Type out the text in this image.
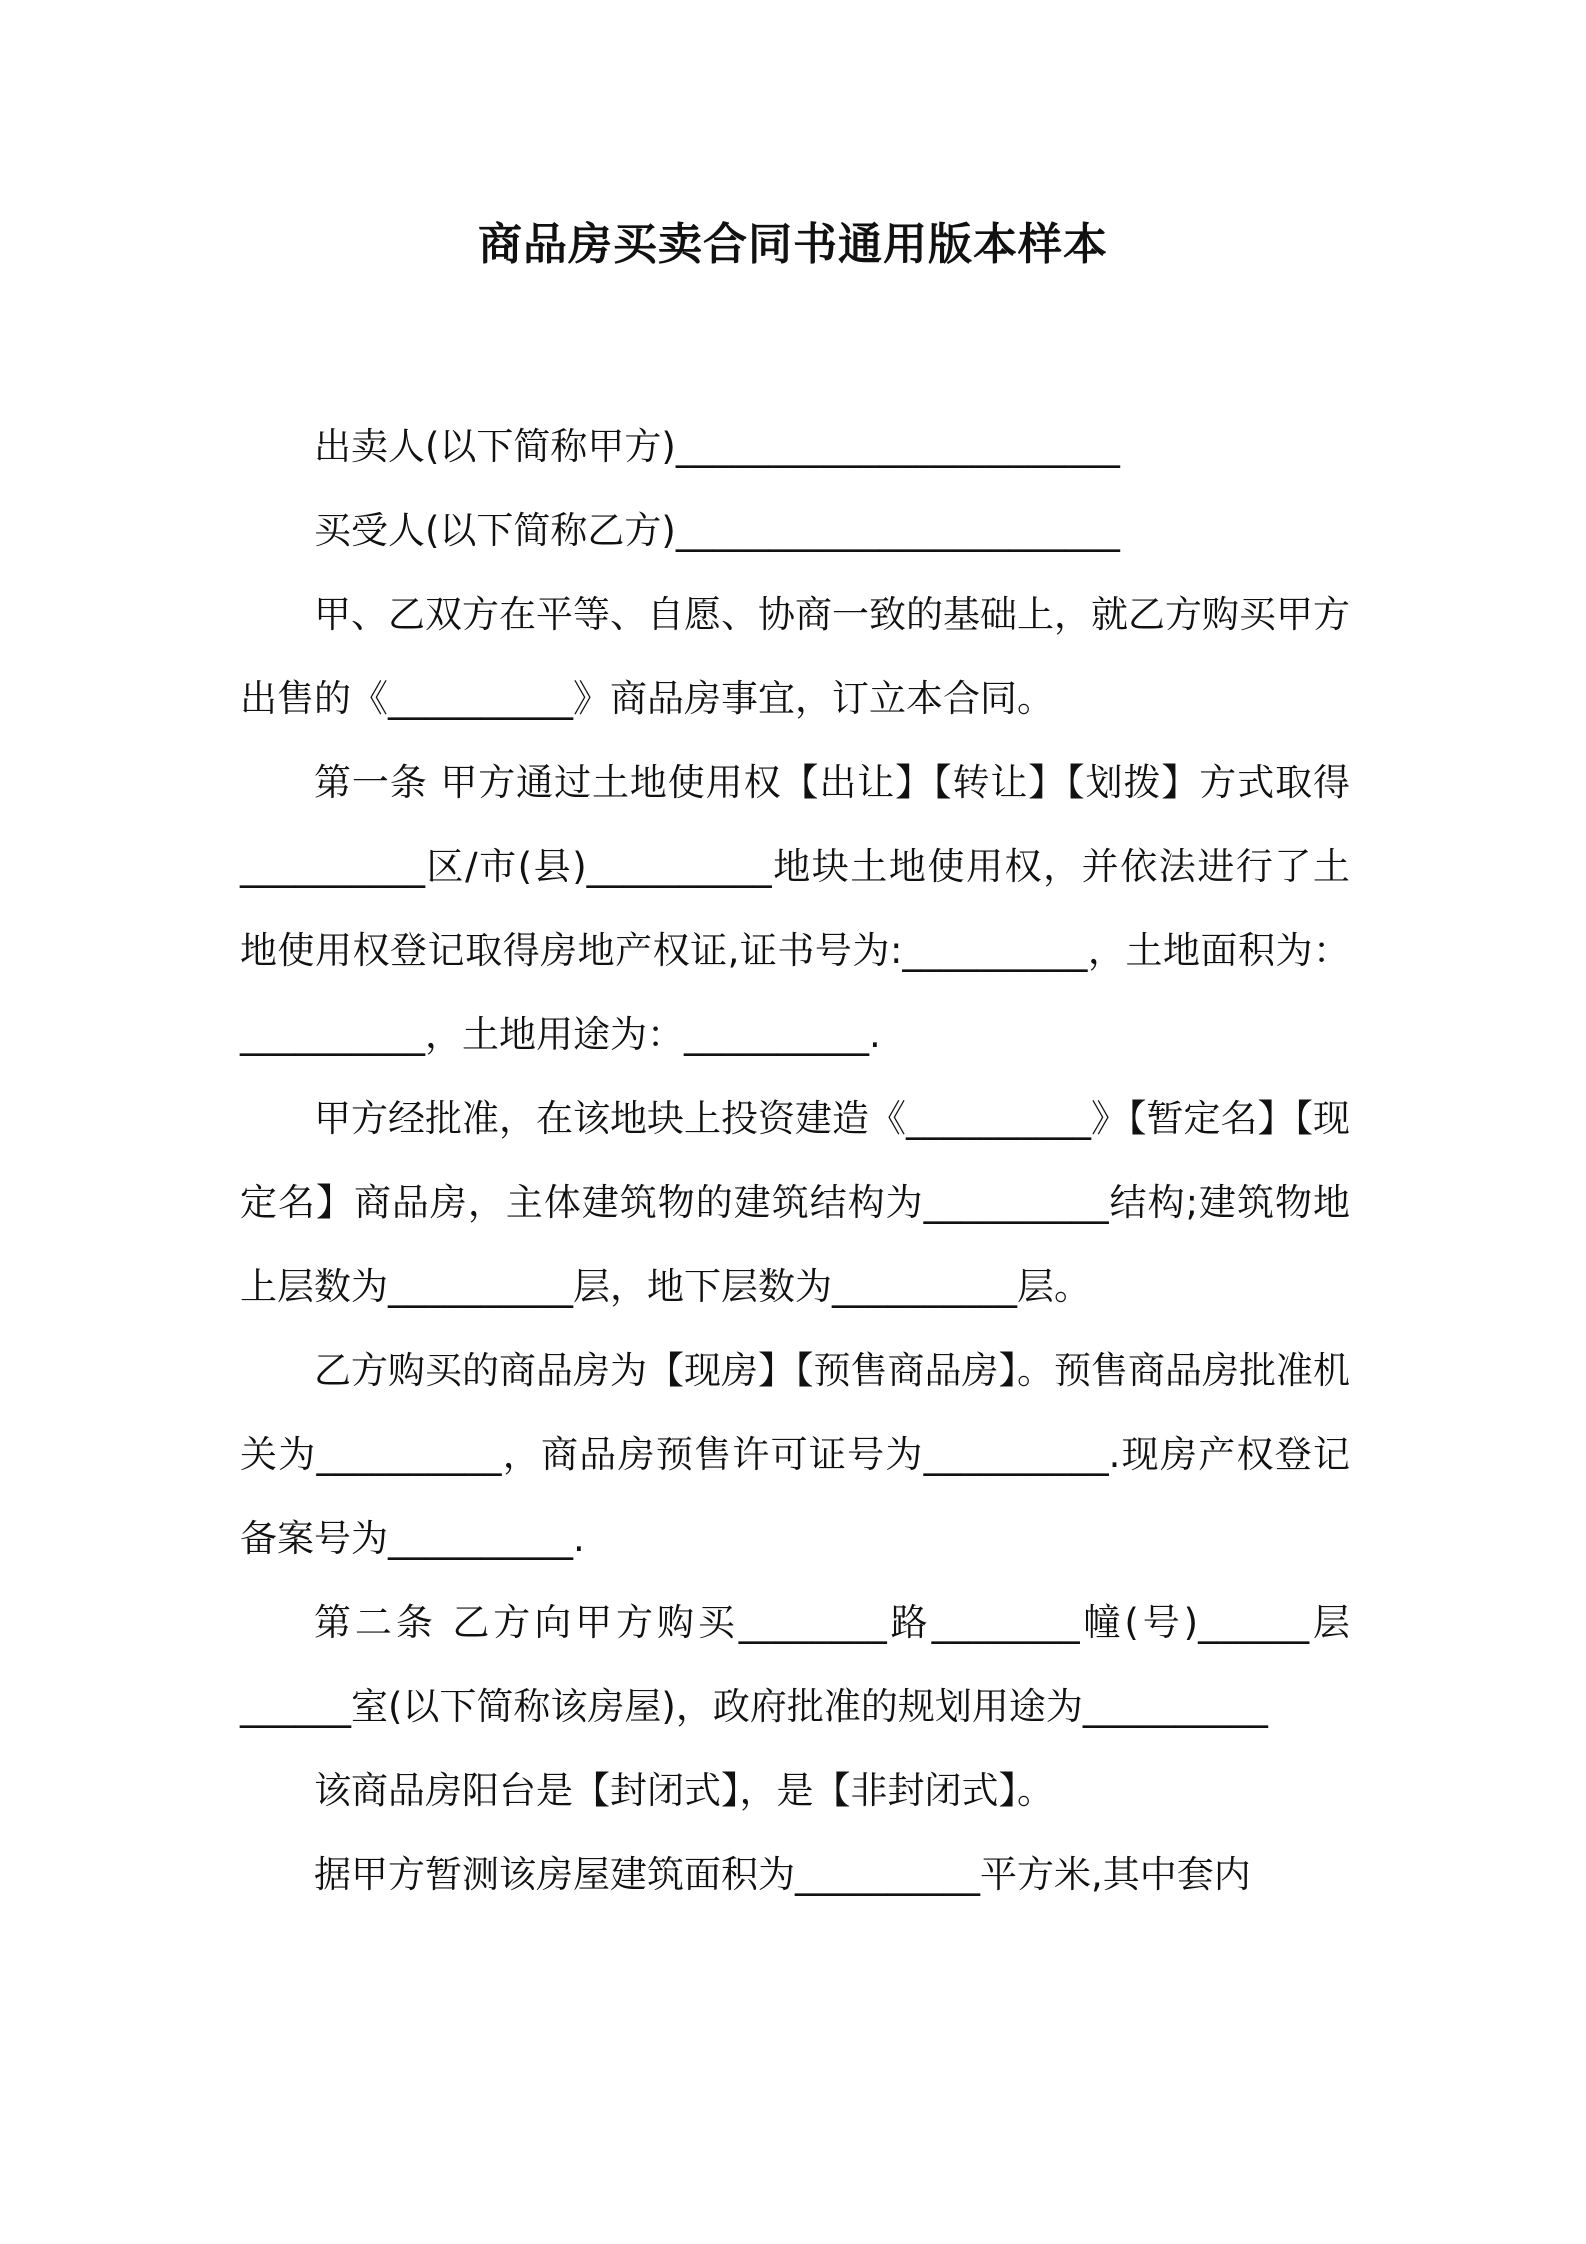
商品房买卖合同书通用版本样本

出卖人(以下简称甲方)________________________

买受人(以下简称乙方)________________________

甲、乙双方在平等、自愿、协商一致的基础上，就乙方购买甲方出售的《__________》商品房事宜，订立本合同。

第一条 甲方通过土地使用权【出让】【转让】【划拨】方式取得__________区/市(县)__________地块土地使用权，并依法进行了土地使用权登记取得房地产权证,证书号为:__________，土地面积为：__________，土地用途为：__________.

甲方经批准，在该地块上投资建造《__________》【暂定名】【现定名】商品房，主体建筑物的建筑结构为__________结构;建筑物地上层数为__________层，地下层数为__________层。

乙方购买的商品房为【现房】【预售商品房】。预售商品房批准机关为__________，商品房预售许可证号为__________.现房产权登记备案号为__________.

第二条 乙方向甲方购买________路________幢(号)______层 ______室(以下简称该房屋)，政府批准的规划用途为__________

该商品房阳台是【封闭式】，是【非封闭式】。

据甲方暂测该房屋建筑面积为__________平方米,其中套内
